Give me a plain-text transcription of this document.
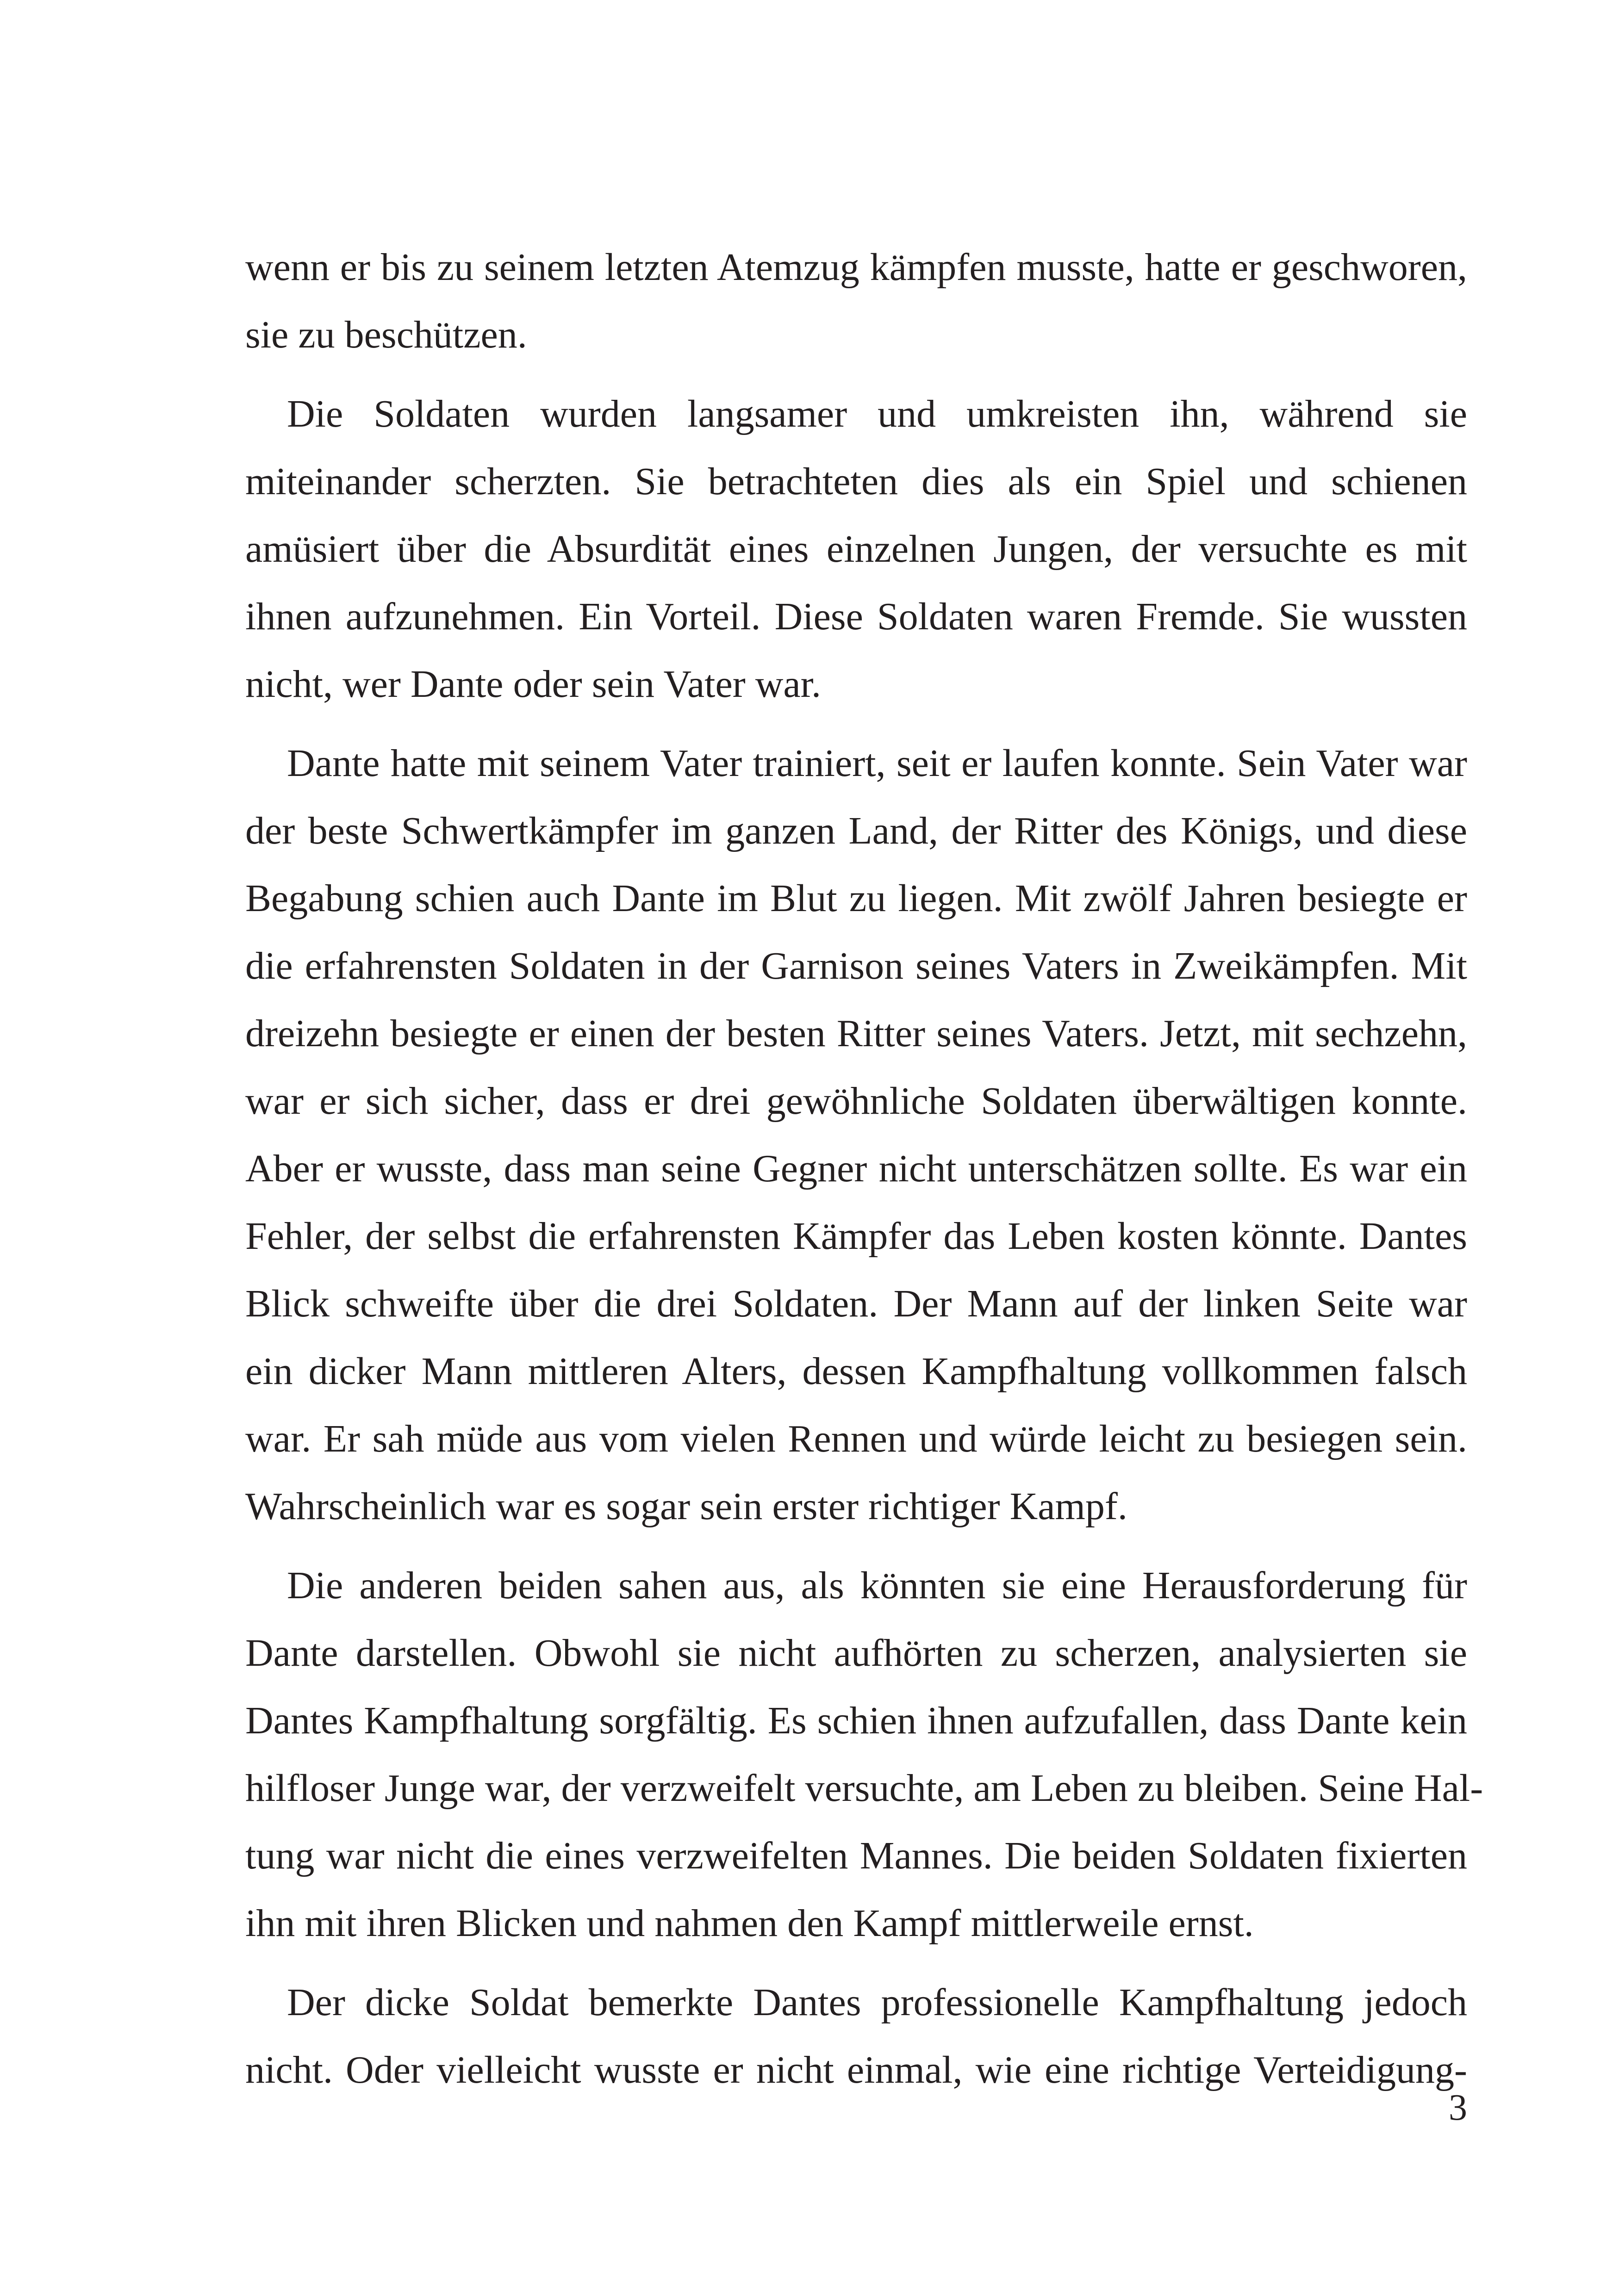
wenn er bis zu seinem letzten Atemzug kämpfen musste, hatte er geschworen,
sie zu beschützen.
Die Soldaten wurden langsamer und umkreisten ihn, während sie
miteinander scherzten. Sie betrachteten dies als ein Spiel und schienen
amüsiert über die Absurdität eines einzelnen Jungen, der versuchte es mit
ihnen aufzunehmen. Ein Vorteil. Diese Soldaten waren Fremde. Sie wussten
nicht, wer Dante oder sein Vater war.
Dante hatte mit seinem Vater trainiert, seit er laufen konnte. Sein Vater war
der beste Schwertkämpfer im ganzen Land, der Ritter des Königs, und diese
Begabung schien auch Dante im Blut zu liegen. Mit zwölf Jahren besiegte er
die erfahrensten Soldaten in der Garnison seines Vaters in Zweikämpfen. Mit
dreizehn besiegte er einen der besten Ritter seines Vaters. Jetzt, mit sechzehn,
war er sich sicher, dass er drei gewöhnliche Soldaten überwältigen konnte.
Aber er wusste, dass man seine Gegner nicht unterschätzen sollte. Es war ein
Fehler, der selbst die erfahrensten Kämpfer das Leben kosten könnte. Dantes
Blick schweifte über die drei Soldaten. Der Mann auf der linken Seite war
ein dicker Mann mittleren Alters, dessen Kampfhaltung vollkommen falsch
war. Er sah müde aus vom vielen Rennen und würde leicht zu besiegen sein.
Wahrscheinlich war es sogar sein erster richtiger Kampf.
Die anderen beiden sahen aus, als könnten sie eine Herausforderung für
Dante darstellen. Obwohl sie nicht aufhörten zu scherzen, analysierten sie
Dantes Kampfhaltung sorgfältig. Es schien ihnen aufzufallen, dass Dante kein
hilfloser Junge war, der verzweifelt versuchte, am Leben zu bleiben. Seine Hal-
tung war nicht die eines verzweifelten Mannes. Die beiden Soldaten fixierten
ihn mit ihren Blicken und nahmen den Kampf mittlerweile ernst.
Der dicke Soldat bemerkte Dantes professionelle Kampfhaltung jedoch
nicht. Oder vielleicht wusste er nicht einmal, wie eine richtige Verteidigung-
3
